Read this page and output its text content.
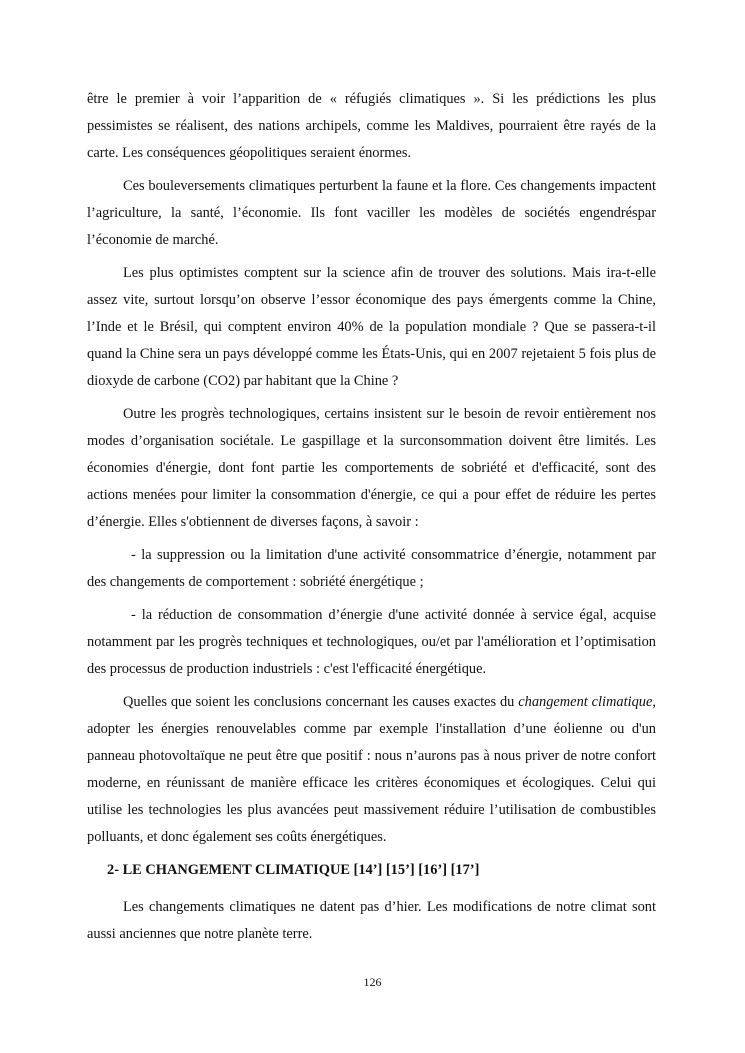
être le premier à voir l’apparition de « réfugiés climatiques ». Si les prédictions les plus pessimistes se réalisent, des nations archipels, comme les Maldives, pourraient être rayés de la carte. Les conséquences géopolitiques seraient énormes.

Ces bouleversements climatiques perturbent la faune et la flore. Ces changements impactent l’agriculture, la santé, l’économie. Ils font vaciller les modèles de sociétés engendréspar l’économie de marché.

Les plus optimistes comptent sur la science afin de trouver des solutions. Mais ira-t-elle assez vite, surtout lorsqu’on observe l’essor économique des pays émergents comme la Chine, l’Inde et le Brésil, qui comptent environ 40% de la population mondiale ? Que se passera-t-il quand la Chine sera un pays développé comme les États-Unis, qui en 2007 rejetaient 5 fois plus de dioxyde de carbone (CO2) par habitant que la Chine ?

Outre les progrès technologiques, certains insistent sur le besoin de revoir entièrement nos modes d’organisation sociétale. Le gaspillage et la surconsommation doivent être limités. Les économies d'énergie, dont font partie les comportements de sobriété et d'efficacité, sont des actions menées pour limiter la consommation d'énergie, ce qui a pour effet de réduire les pertes d’énergie. Elles s'obtiennent de diverses façons, à savoir :

- la suppression ou la limitation d'une activité consommatrice d’énergie, notamment par des changements de comportement : sobriété énergétique ;

- la réduction de consommation d’énergie d'une activité donnée à service égal, acquise notamment par les progrès techniques et technologiques, ou/et par l'amélioration et l’optimisation des processus de production industriels : c'est l'efficacité énergétique.

Quelles que soient les conclusions concernant les causes exactes du changement climatique, adopter les énergies renouvelables comme par exemple l'installation d’une éolienne ou d'un panneau photovoltaïque ne peut être que positif : nous n’aurons pas à nous priver de notre confort moderne, en réunissant de manière efficace les critères économiques et écologiques. Celui qui utilise les technologies les plus avancées peut massivement réduire l’utilisation de combustibles polluants, et donc également ses coûts énergétiques.

2- LE CHANGEMENT CLIMATIQUE [14’] [15’] [16’] [17’]

Les changements climatiques ne datent pas d’hier. Les modifications de notre climat sont aussi anciennes que notre planète terre.

126
